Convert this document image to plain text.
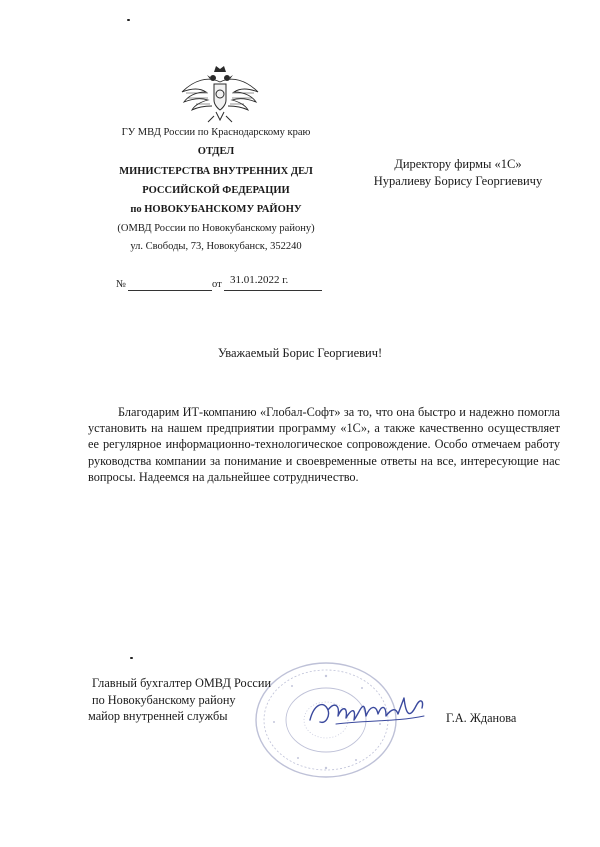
ГУ МВД России по Краснодарскому краю
ОТДЕЛ
МИНИСТЕРСТВА ВНУТРЕННИХ ДЕЛ
РОССИЙСКОЙ ФЕДЕРАЦИИ
по НОВОКУБАНСКОМУ РАЙОНУ
(ОМВД России по Новокубанскому району)
ул. Свободы, 73, Новокубанск, 352240
№	от 31.01.2022 г.
Директору фирмы «1С»
Нуралиеву Борису Георгиевичу
Уважаемый Борис Георгиевич!

Благодарим ИТ-компанию «Глобал-Софт» за то, что она быстро и надежно помогла установить на нашем предприятии программу «1С», а также качественно осуществляет ее регулярное информационно-технологическое сопровождение. Особо отмечаем работу руководства компании за понимание и своевременные ответы на все, интересующие нас вопросы. Надеемся на дальнейшее сотрудничество.

Главный бухгалтер ОМВД России
по Новокубанскому району
майор внутренней службы	Г.А. Жданова
